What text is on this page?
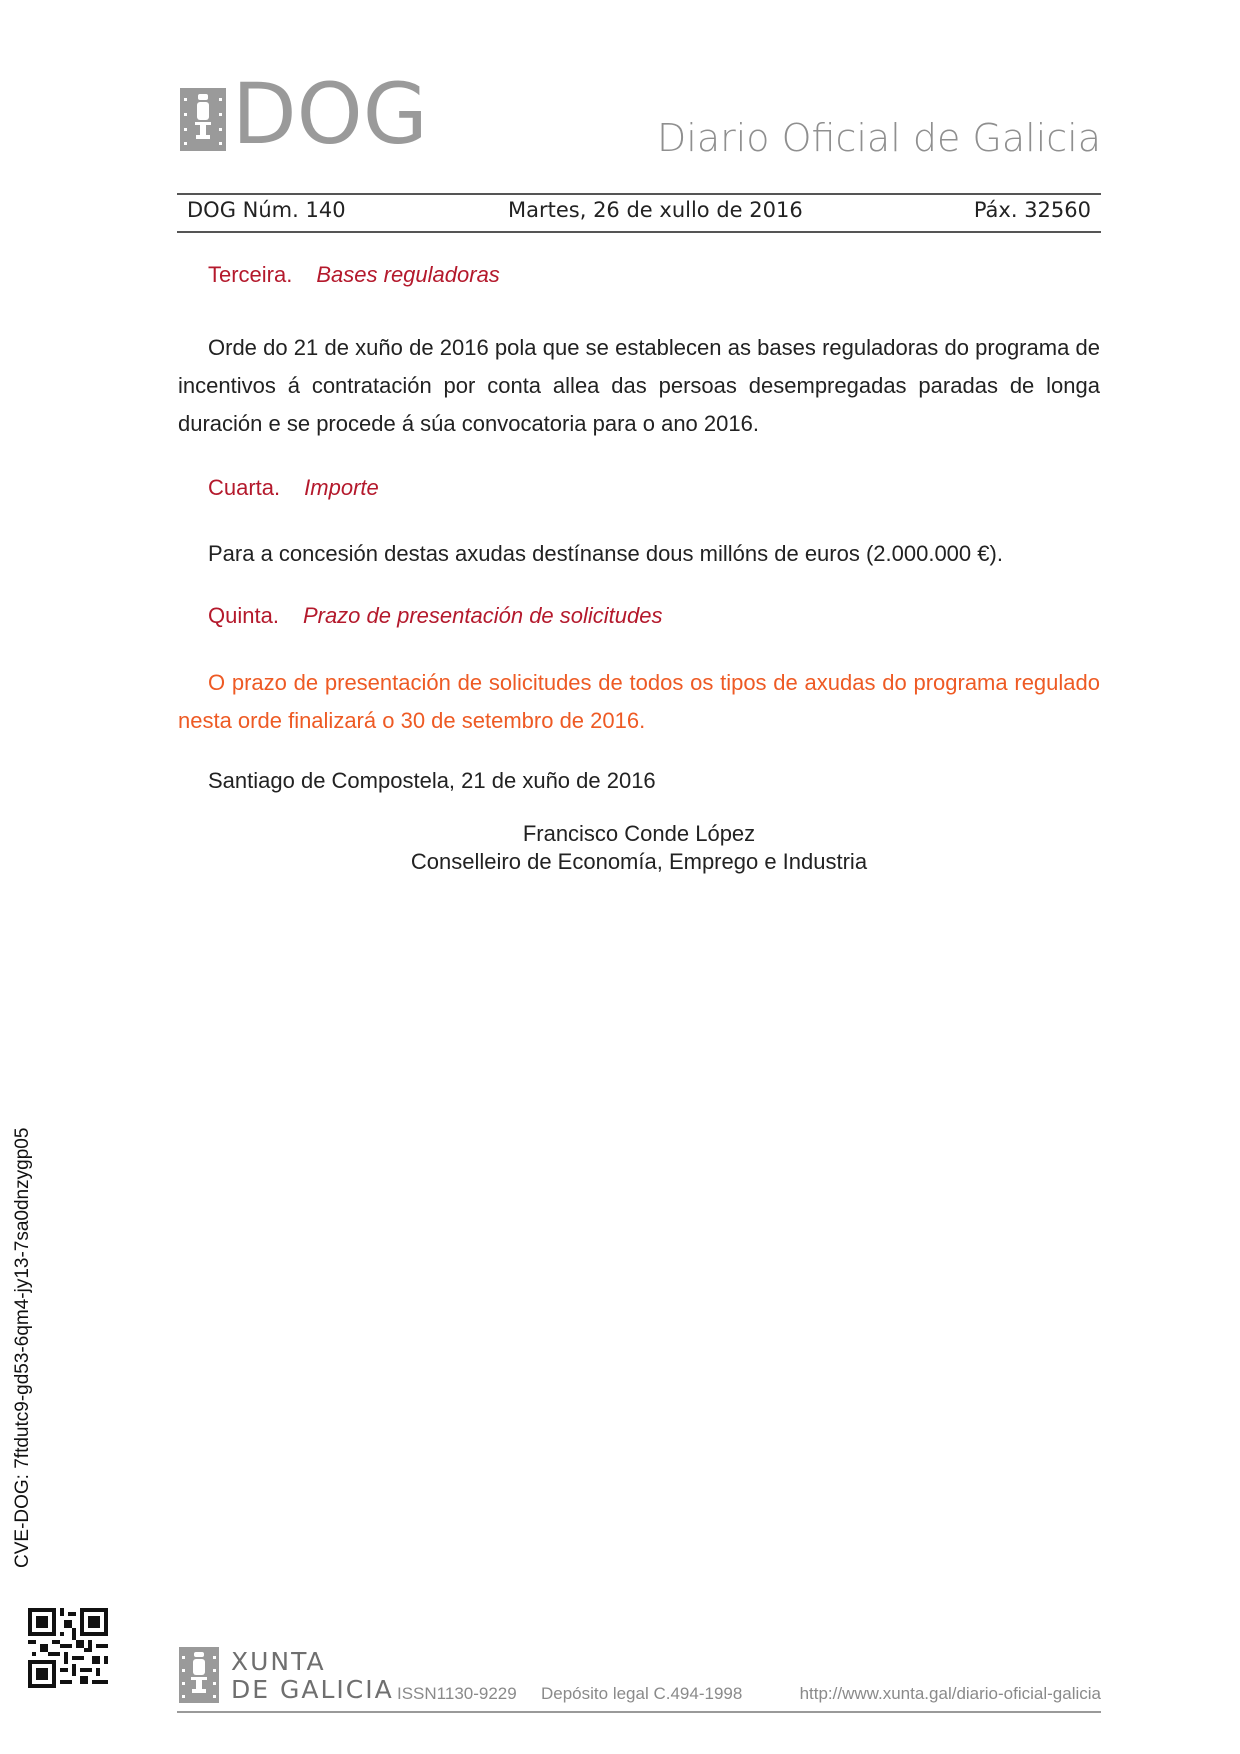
DOG	Diario Oficial de Galicia
DOG Núm. 140	Martes, 26 de xullo de 2016	Páx. 32560
Terceira. Bases reguladoras
Orde do 21 de xuño de 2016 pola que se establecen as bases reguladoras do programa de incentivos á contratación por conta allea das persoas desempregadas paradas de longa duración e se procede á súa convocatoria para o ano 2016.
Cuarta. Importe
Para a concesión destas axudas destínanse dous millóns de euros (2.000.000 €).
Quinta. Prazo de presentación de solicitudes
O prazo de presentación de solicitudes de todos os tipos de axudas do programa regulado nesta orde finalizará o 30 de setembro de 2016.
Santiago de Compostela, 21 de xuño de 2016
Francisco Conde López
Conselleiro de Economía, Emprego e Industria
CVE-DOG: 7ftdutc9-gd53-6qm4-jy13-7sa0dnzygp05
XUNTA
DE GALICIA ISSN1130-9229 Depósito legal C.494-1998	http://www.xunta.gal/diario-oficial-galicia
